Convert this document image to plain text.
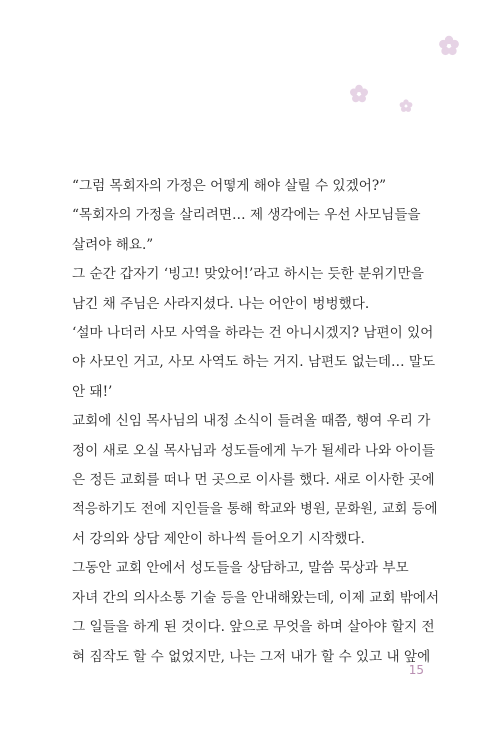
“그럼 목회자의 가정은 어떻게 해야 살릴 수 있겠어?”

“목회자의 가정을 살리려면… 제 생각에는 우선 사모님들을
살려야 해요.”

그 순간 갑자기 ‘빙고! 맞았어!’라고 하시는 듯한 분위기만을
남긴 채 주님은 사라지셨다. 나는 어안이 벙벙했다.

‘설마 나더러 사모 사역을 하라는 건 아니시겠지? 남편이 있어
야 사모인 거고, 사모 사역도 하는 거지. 남편도 없는데… 말도
안 돼!’

교회에 신임 목사님의 내정 소식이 들려올 때쯤, 행여 우리 가
정이 새로 오실 목사님과 성도들에게 누가 될세라 나와 아이들
은 정든 교회를 떠나 먼 곳으로 이사를 했다. 새로 이사한 곳에
적응하기도 전에 지인들을 통해 학교와 병원, 문화원, 교회 등에
서 강의와 상담 제안이 하나씩 들어오기 시작했다.

그동안 교회 안에서 성도들을 상담하고, 말씀 묵상과 부모
자녀 간의 의사소통 기술 등을 안내해왔는데, 이제 교회 밖에서
그 일들을 하게 된 것이다. 앞으로 무엇을 하며 살아야 할지 전
혀 짐작도 할 수 없었지만, 나는 그저 내가 할 수 있고 내 앞에

15
